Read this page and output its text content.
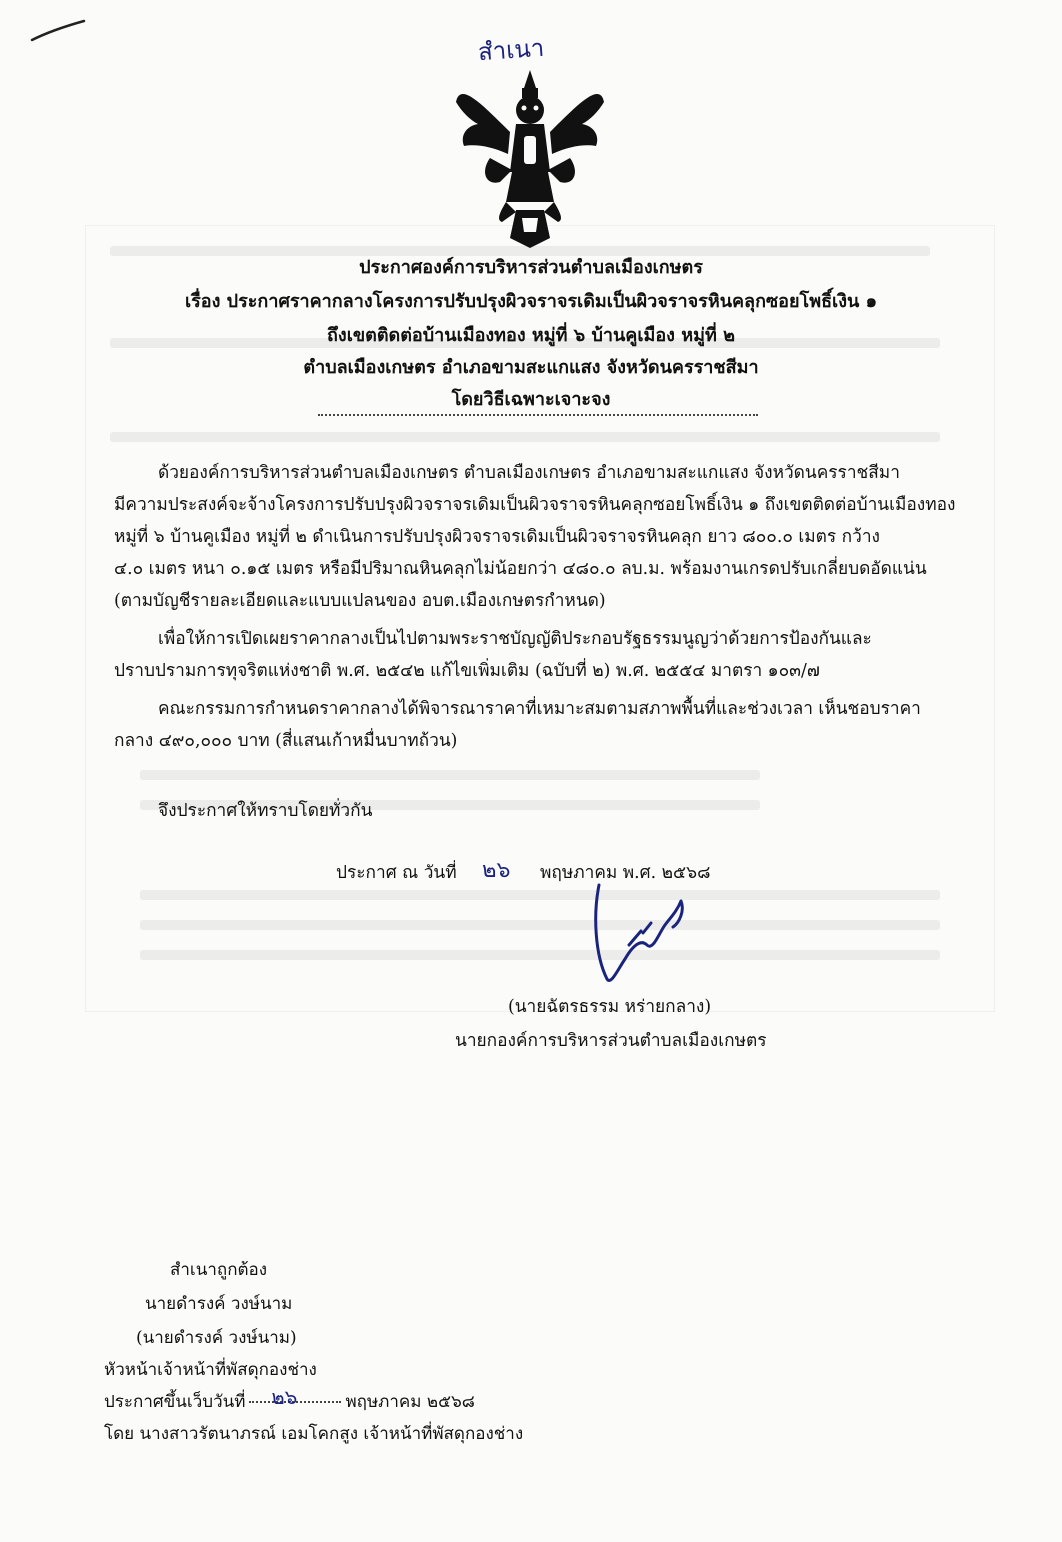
สำเนา
ประกาศองค์การบริหารส่วนตำบลเมืองเกษตร
เรื่อง ประกาศราคากลางโครงการปรับปรุงผิวจราจรเดิมเป็นผิวจราจรหินคลุกซอยโพธิ์เงิน ๑
ถึงเขตติดต่อบ้านเมืองทอง หมู่ที่ ๖ บ้านคูเมือง หมู่ที่ ๒
ตำบลเมืองเกษตร อำเภอขามสะแกแสง จังหวัดนครราชสีมา
โดยวิธีเฉพาะเจาะจง
ด้วยองค์การบริหารส่วนตำบลเมืองเกษตร ตำบลเมืองเกษตร อำเภอขามสะแกแสง จังหวัดนครราชสีมา
มีความประสงค์จะจ้างโครงการปรับปรุงผิวจราจรเดิมเป็นผิวจราจรหินคลุกซอยโพธิ์เงิน ๑ ถึงเขตติดต่อบ้านเมืองทอง
หมู่ที่ ๖ บ้านคูเมือง หมู่ที่ ๒ ดำเนินการปรับปรุงผิวจราจรเดิมเป็นผิวจราจรหินคลุก ยาว ๘๐๐.๐ เมตร กว้าง
๔.๐ เมตร หนา ๐.๑๕ เมตร หรือมีปริมาณหินคลุกไม่น้อยกว่า ๔๘๐.๐ ลบ.ม. พร้อมงานเกรดปรับเกลี่ยบดอัดแน่น
(ตามบัญชีรายละเอียดและแบบแปลนของ อบต.เมืองเกษตรกำหนด)
เพื่อให้การเปิดเผยราคากลางเป็นไปตามพระราชบัญญัติประกอบรัฐธรรมนูญว่าด้วยการป้องกันและ
ปราบปรามการทุจริตแห่งชาติ พ.ศ. ๒๕๔๒ แก้ไขเพิ่มเติม (ฉบับที่ ๒) พ.ศ. ๒๕๕๔ มาตรา ๑๐๓/๗
คณะกรรมการกำหนดราคากลางได้พิจารณาราคาที่เหมาะสมตามสภาพพื้นที่และช่วงเวลา เห็นชอบราคา
กลาง ๔๙๐,๐๐๐ บาท (สี่แสนเก้าหมื่นบาทถ้วน)
จึงประกาศให้ทราบโดยทั่วกัน
ประกาศ ณ วันที่ ๒๖ พฤษภาคม พ.ศ. ๒๕๖๘
(นายฉัตรธรรม หร่ายกลาง)
นายกองค์การบริหารส่วนตำบลเมืองเกษตร
สำเนาถูกต้อง
นายดำรงค์ วงษ์นาม
(นายดำรงค์ วงษ์นาม)
หัวหน้าเจ้าหน้าที่พัสดุกองช่าง
ประกาศขึ้นเว็บวันที่ ๒๖	พฤษภาคม ๒๕๖๘
โดย นางสาวรัตนาภรณ์ เอมโคกสูง เจ้าหน้าที่พัสดุกองช่าง
